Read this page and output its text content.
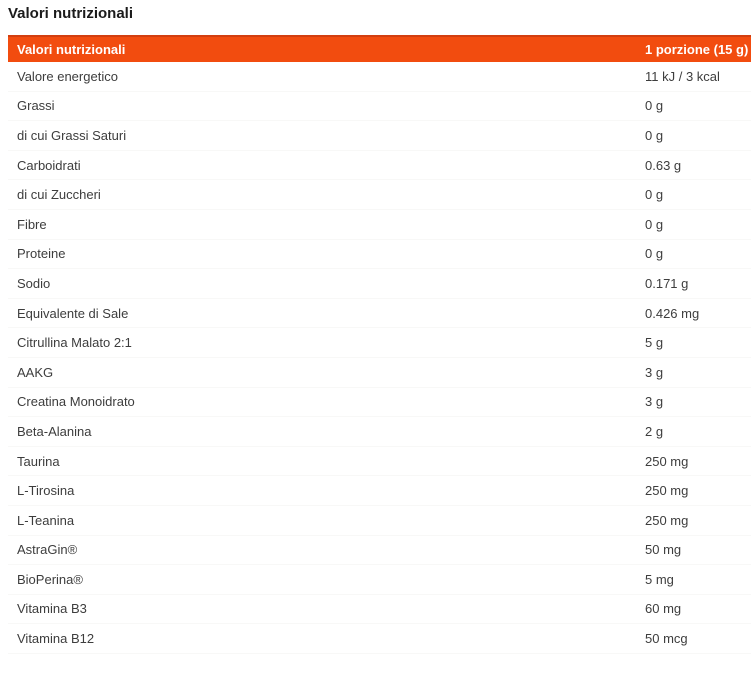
Valori nutrizionali
Valori nutrizionali	1 porzione (15 g)
Valore energetico	11 kJ / 3 kcal
Grassi	0 g
di cui Grassi Saturi	0 g
Carboidrati	0.63 g
di cui Zuccheri	0 g
Fibre	0 g
Proteine	0 g
Sodio	0.171 g
Equivalente di Sale	0.426 mg
Citrullina Malato 2:1	5 g
AAKG	3 g
Creatina Monoidrato	3 g
Beta-Alanina	2 g
Taurina	250 mg
L-Tirosina	250 mg
L-Teanina	250 mg
AstraGin®	50 mg
BioPerina®	5 mg
Vitamina B3	60 mg
Vitamina B12	50 mcg
